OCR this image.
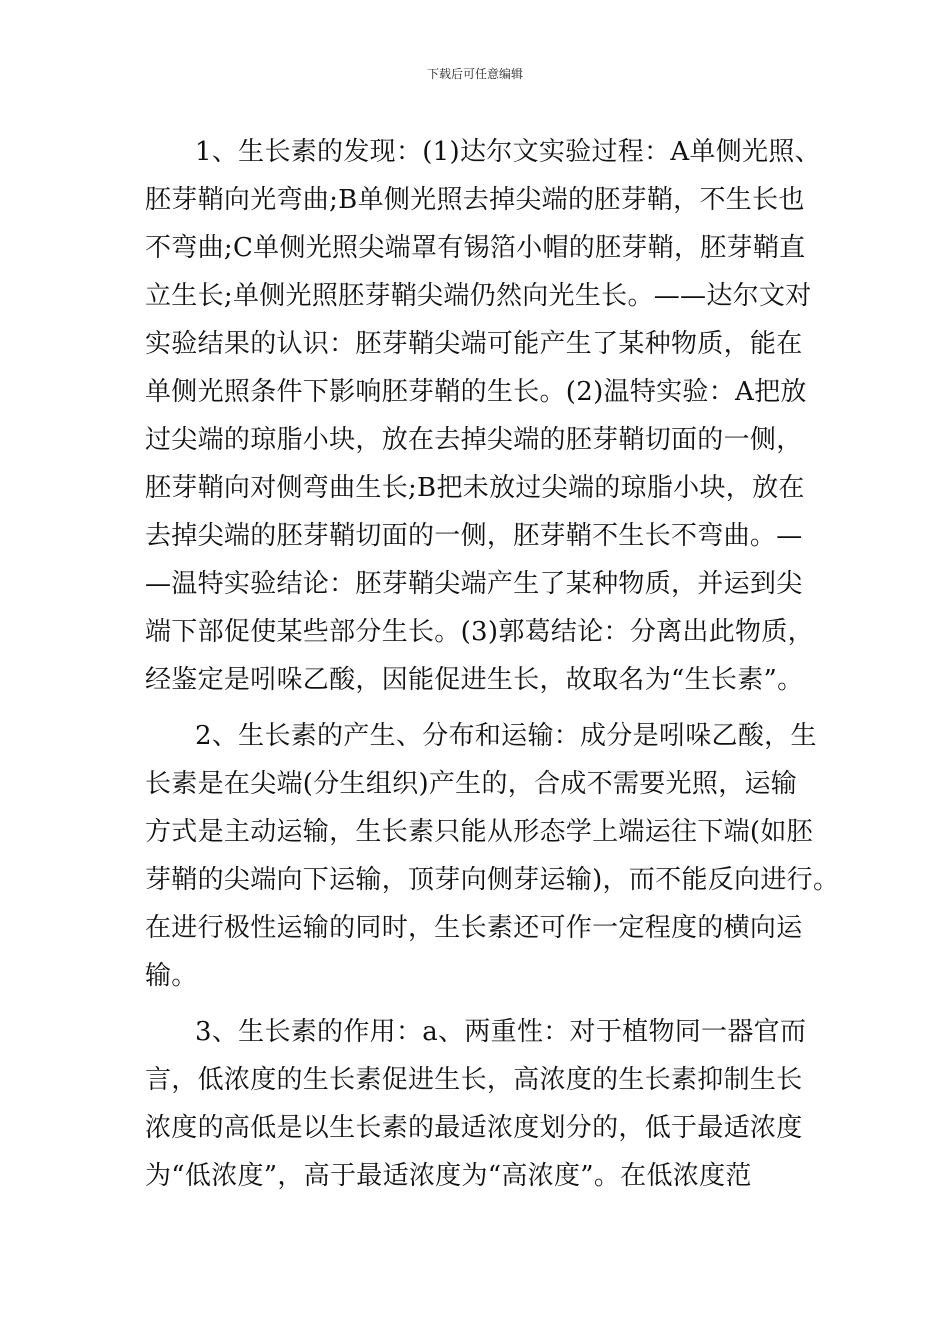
下载后可任意编辑
1、生长素的发现：(1)达尔文实验过程：A单侧光照、
胚芽鞘向光弯曲;B单侧光照去掉尖端的胚芽鞘，不生长也
不弯曲;C单侧光照尖端罩有锡箔小帽的胚芽鞘，胚芽鞘直
立生长;单侧光照胚芽鞘尖端仍然向光生长。——达尔文对
实验结果的认识：胚芽鞘尖端可能产生了某种物质，能在
单侧光照条件下影响胚芽鞘的生长。(2)温特实验：A把放
过尖端的琼脂小块，放在去掉尖端的胚芽鞘切面的一侧，
胚芽鞘向对侧弯曲生长;B把未放过尖端的琼脂小块，放在
去掉尖端的胚芽鞘切面的一侧，胚芽鞘不生长不弯曲。—
—温特实验结论：胚芽鞘尖端产生了某种物质，并运到尖
端下部促使某些部分生长。(3)郭葛结论：分离出此物质，
经鉴定是吲哚乙酸，因能促进生长，故取名为“生长素”。
2、生长素的产生、分布和运输：成分是吲哚乙酸，生
长素是在尖端(分生组织)产生的，合成不需要光照，运输
方式是主动运输，生长素只能从形态学上端运往下端(如胚
芽鞘的尖端向下运输，顶芽向侧芽运输)，而不能反向进行。
在进行极性运输的同时，生长素还可作一定程度的横向运
输。
3、生长素的作用：a、两重性：对于植物同一器官而
言，低浓度的生长素促进生长，高浓度的生长素抑制生长
浓度的高低是以生长素的最适浓度划分的，低于最适浓度
为“低浓度”，高于最适浓度为“高浓度”。在低浓度范
